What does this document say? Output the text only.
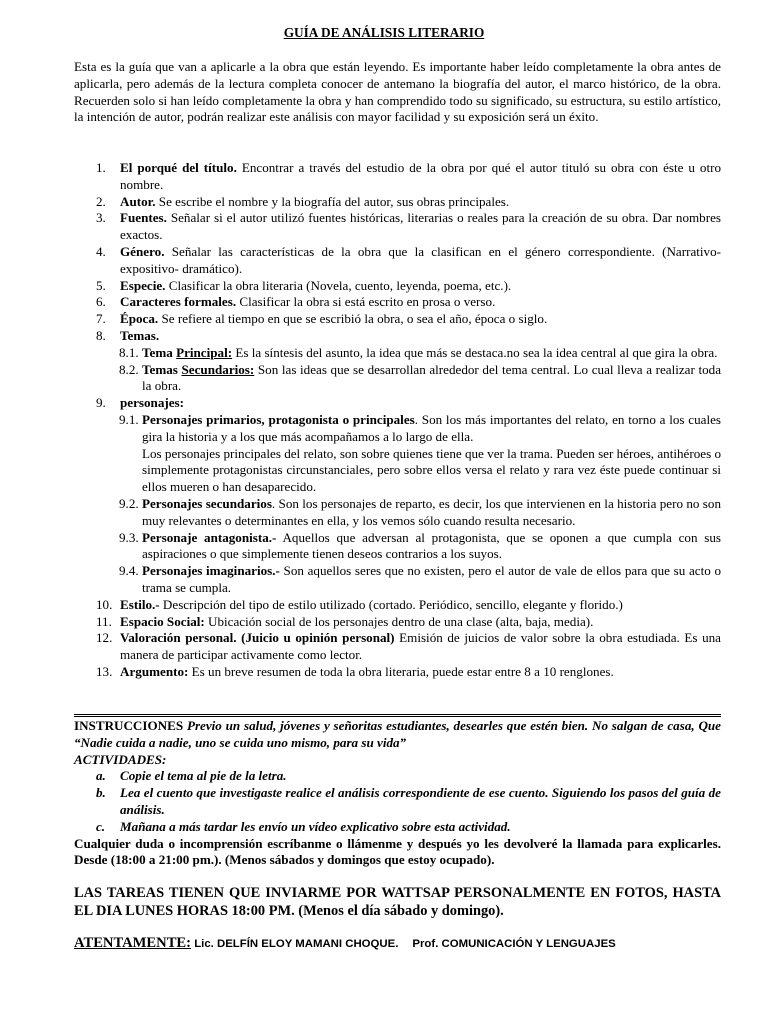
GUÍA DE ANÁLISIS LITERARIO
Esta es la guía que van a aplicarle a la obra que están leyendo. Es importante haber leído completamente la obra antes de aplicarla, pero además de la lectura completa conocer de antemano la biografía del autor, el marco histórico, de la obra. Recuerden solo si han leído completamente la obra y han comprendido todo su significado, su estructura, su estilo artístico, la intención de autor, podrán realizar este análisis con mayor facilidad y su exposición será un éxito.
1. El porqué del título. Encontrar a través del estudio de la obra por qué el autor tituló su obra con éste u otro nombre.
2. Autor. Se escribe el nombre y la biografía del autor, sus obras principales.
3. Fuentes. Señalar si el autor utilizó fuentes históricas, literarias o reales para la creación de su obra. Dar nombres exactos.
4. Género. Señalar las características de la obra que la clasifican en el género correspondiente. (Narrativo- expositivo- dramático).
5. Especie. Clasificar la obra literaria (Novela, cuento, leyenda, poema, etc.).
6. Caracteres formales. Clasificar la obra si está escrito en prosa o verso.
7. Época. Se refiere al tiempo en que se escribió la obra, o sea el año, época o siglo.
8. Temas.
8.1. Tema Principal: Es la síntesis del asunto, la idea que más se destaca.no sea la idea central al que gira la obra.
8.2. Temas Secundarios: Son las ideas que se desarrollan alrededor del tema central. Lo cual lleva a realizar toda la obra.
9. personajes:
9.1. Personajes primarios, protagonista o principales. Son los más importantes del relato, en torno a los cuales gira la historia y a los que más acompañamos a lo largo de ella.
Los personajes principales del relato, son sobre quienes tiene que ver la trama. Pueden ser héroes, antihéroes o simplemente protagonistas circunstanciales, pero sobre ellos versa el relato y rara vez éste puede continuar si ellos mueren o han desaparecido.
9.2. Personajes secundarios. Son los personajes de reparto, es decir, los que intervienen en la historia pero no son muy relevantes o determinantes en ella, y los vemos sólo cuando resulta necesario.
9.3. Personaje antagonista.- Aquellos que adversan al protagonista, que se oponen a que cumpla con sus aspiraciones o que simplemente tienen deseos contrarios a los suyos.
9.4. Personajes imaginarios.- Son aquellos seres que no existen, pero el autor de vale de ellos para que su acto o trama se cumpla.
10. Estilo.- Descripción del tipo de estilo utilizado (cortado. Periódico, sencillo, elegante y florido.)
11. Espacio Social: Ubicación social de los personajes dentro de una clase (alta, baja, media).
12. Valoración personal. (Juicio u opinión personal) Emisión de juicios de valor sobre la obra estudiada. Es una manera de participar activamente como lector.
13. Argumento: Es un breve resumen de toda la obra literaria, puede estar entre 8 a 10 renglones.
INSTRUCCIONES Previo un salud, jóvenes y señoritas estudiantes, desearles que estén bien. No salgan de casa, Que “Nadie cuida a nadie, uno se cuida uno mismo, para su vida”
ACTIVIDADES:
a. Copie el tema al pie de la letra.
b. Lea el cuento que investigaste realice el análisis correspondiente de ese cuento. Siguiendo los pasos del guía de análisis.
c. Mañana a más tardar les envío un vídeo explicativo sobre esta actividad.
Cualquier duda o incomprensión escríbanme o llámenme y después yo les devolveré la llamada para explicarles. Desde (18:00 a 21:00 pm.). (Menos sábados y domingos que estoy ocupado).
LAS TAREAS TIENEN QUE INVIARME POR WATTSAP PERSONALMENTE EN FOTOS, HASTA EL DIA LUNES HORAS 18:00 PM. (Menos el día sábado y domingo).
ATENTAMENTE: Lic. DELFÍN ELOY MAMANI CHOQUE. Prof. COMUNICACIÓN Y LENGUAJES
